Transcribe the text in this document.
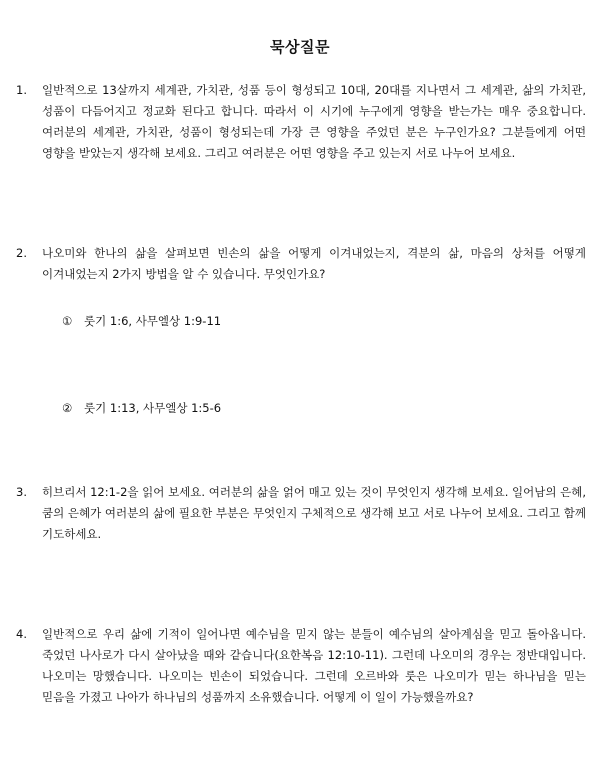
묵상질문
1. 일반적으로 13살까지 세계관, 가치관, 성품 등이 형성되고 10대, 20대를 지나면서 그 세계관, 삶의 가치관, 성품이 다듬어지고 정교화 된다고 합니다. 따라서 이 시기에 누구에게 영향을 받는가는 매우 중요합니다. 여러분의 세계관, 가치관, 성품이 형성되는데 가장 큰 영향을 주었던 분은 누구인가요? 그분들에게 어떤 영향을 받았는지 생각해 보세요. 그리고 여러분은 어떤 영향을 주고 있는지 서로 나누어 보세요.
2. 나오미와 한나의 삶을 살펴보면 빈손의 삶을 어떻게 이겨내었는지, 격분의 삶, 마음의 상처를 어떻게 이겨내었는지 2가지 방법을 알 수 있습니다. 무엇인가요?
① 룻기 1:6, 사무엘상 1:9-11
② 룻기 1:13, 사무엘상 1:5-6
3. 히브리서 12:1-2을 읽어 보세요. 여러분의 삶을 얽어 매고 있는 것이 무엇인지 생각해 보세요. 일어남의 은혜, 쿰의 은혜가 여러분의 삶에 필요한 부분은 무엇인지 구체적으로 생각해 보고 서로 나누어 보세요. 그리고 함께 기도하세요.
4. 일반적으로 우리 삶에 기적이 일어나면 예수님을 믿지 않는 분들이 예수님의 살아계심을 믿고 돌아옵니다. 죽었던 나사로가 다시 살아났을 때와 같습니다(요한복음 12:10-11). 그런데 나오미의 경우는 정반대입니다. 나오미는 망했습니다. 나오미는 빈손이 되었습니다. 그런데 오르바와 룻은 나오미가 믿는 하나님을 믿는 믿음을 가졌고 나아가 하나님의 성품까지 소유했습니다. 어떻게 이 일이 가능했을까요?
